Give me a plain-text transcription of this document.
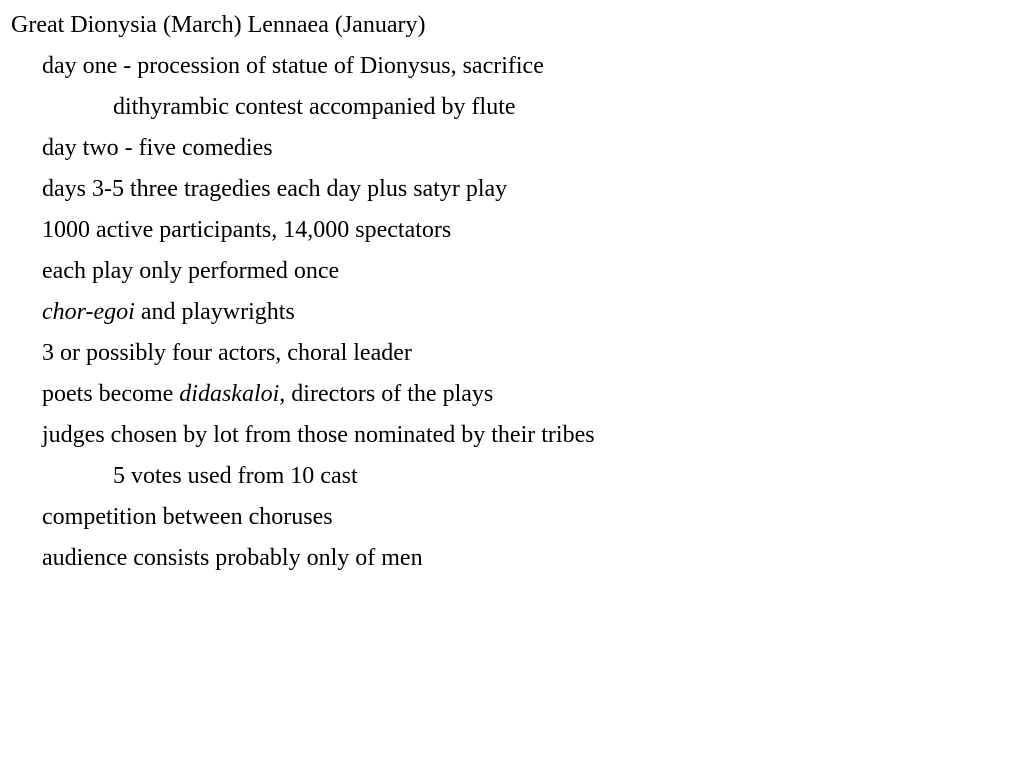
Great Dionysia (March) Lennaea (January)
day one - procession of statue of Dionysus, sacrifice
dithyrambic contest accompanied by flute
day two - five comedies
days 3-5 three tragedies each day plus satyr play
1000 active participants, 14,000 spectators
each play only performed once
chor-egoi and playwrights
3 or possibly four actors, choral leader
poets become didaskaloi, directors of the plays
judges chosen by lot from those nominated by their tribes
5 votes used from 10 cast
competition between choruses
audience consists probably only of men
